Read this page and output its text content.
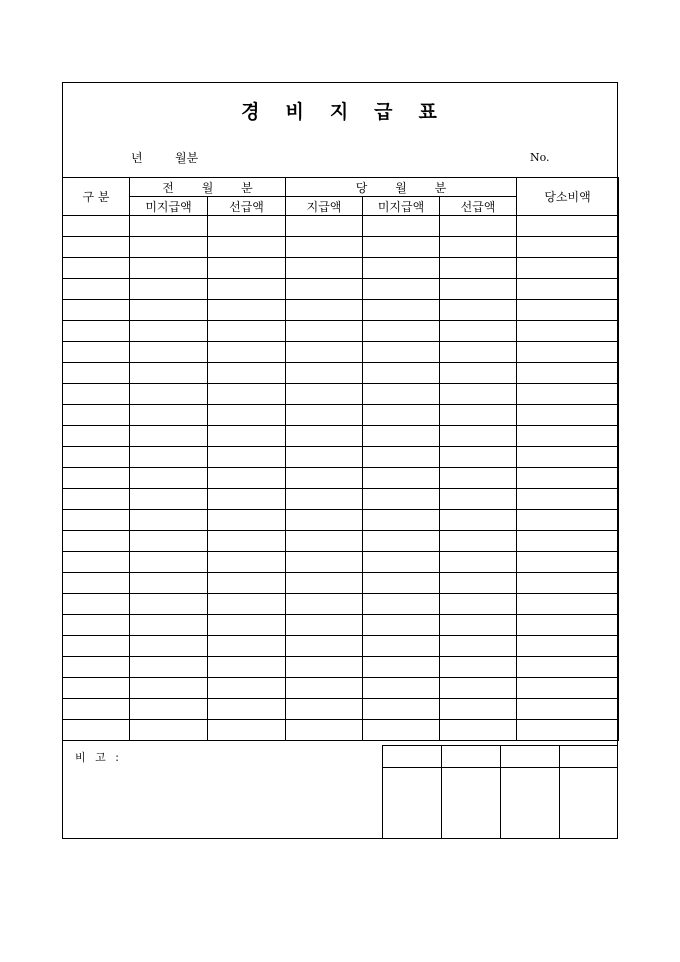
경 비 지 급 표
년	월분	No.
구 분	전 월 분		당 월 분			당소비액
	미지급액	선급액	지급액	미지급액	선급액	

비 고 :
